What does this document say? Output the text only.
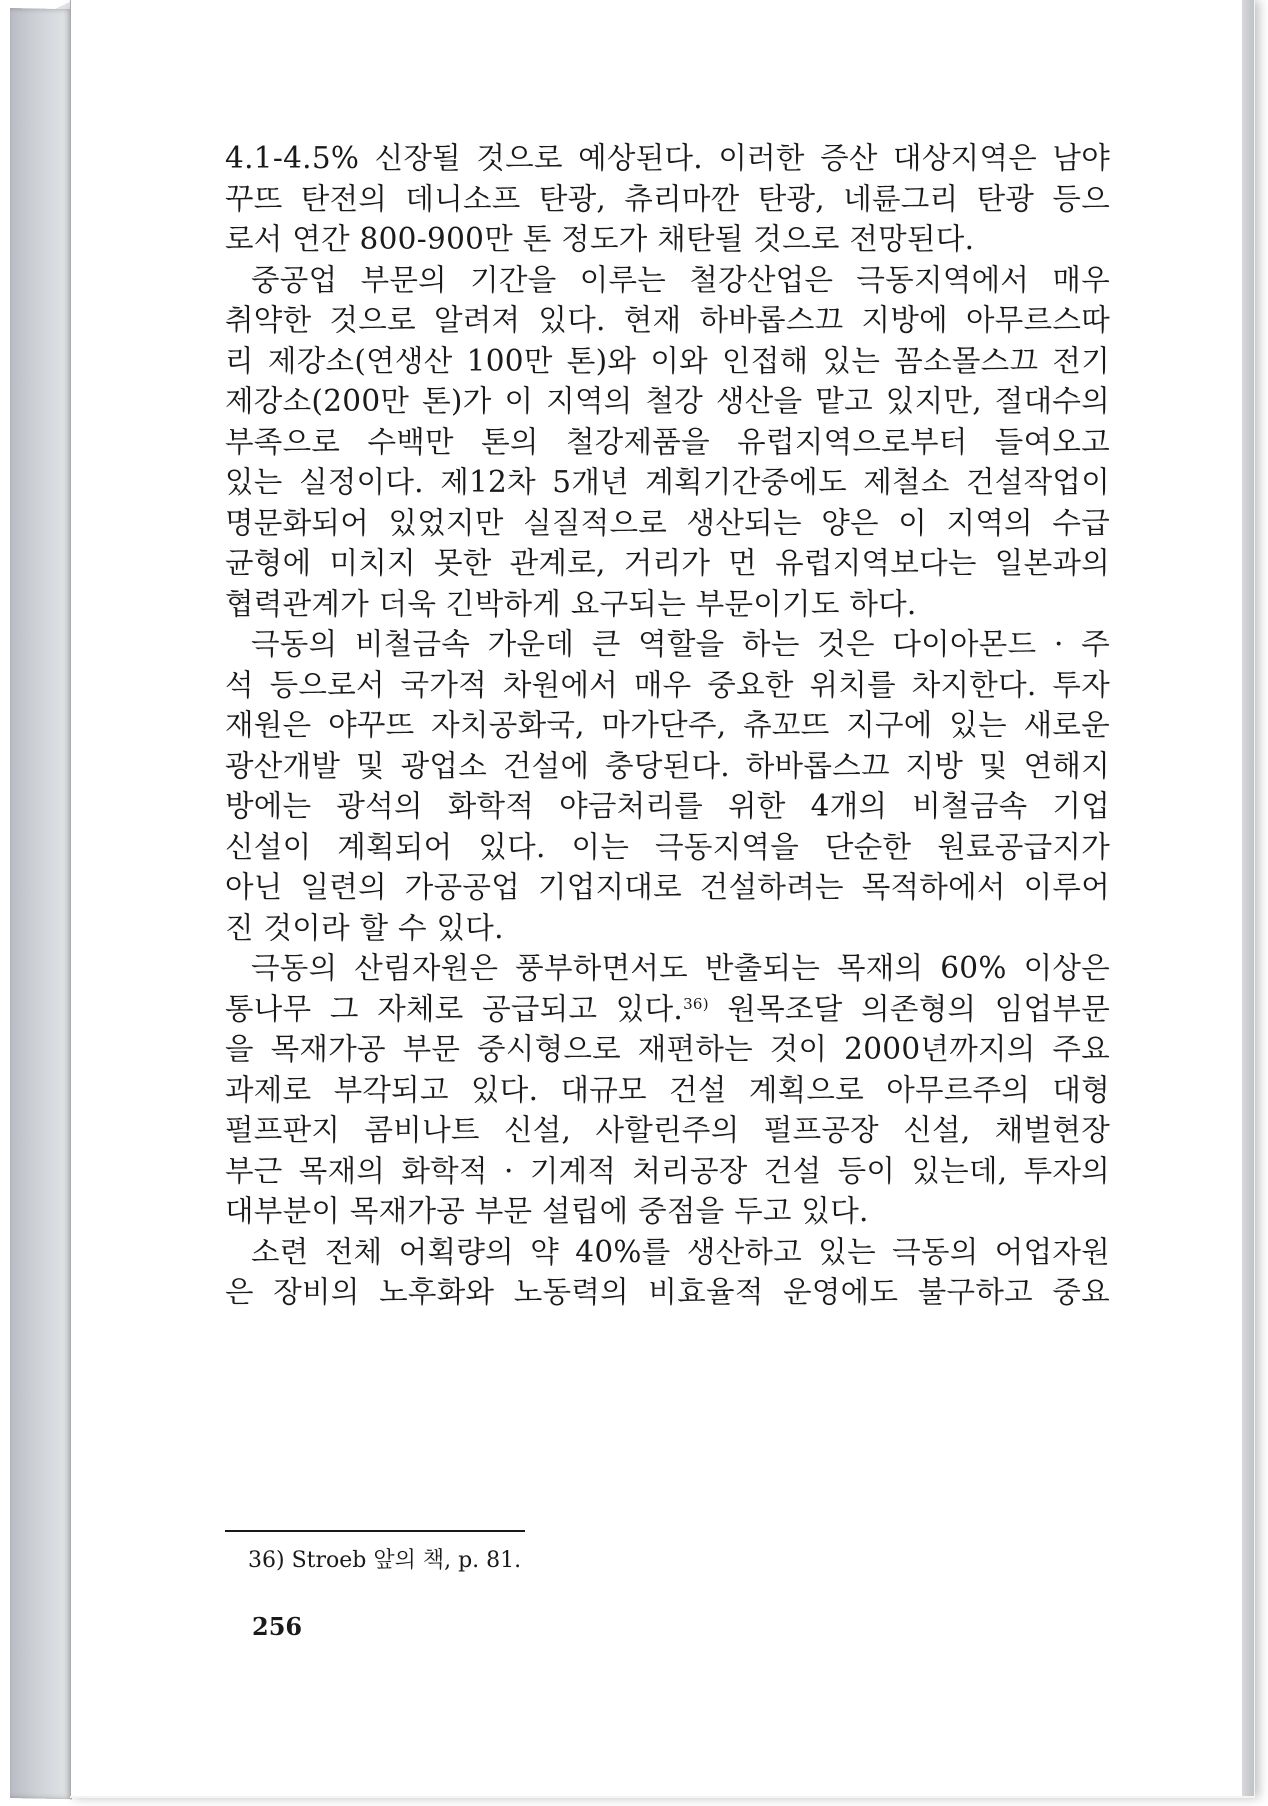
4.1-4.5% 신장될 것으로 예상된다. 이러한 증산 대상지역은 남야
꾸뜨 탄전의 데니소프 탄광, 츄리마깐 탄광, 네륜그리 탄광 등으
로서 연간 800-900만 톤 정도가 채탄될 것으로 전망된다.
중공업 부문의 기간을 이루는 철강산업은 극동지역에서 매우
취약한 것으로 알려져 있다. 현재 하바롭스끄 지방에 아무르스따
리 제강소(연생산 100만 톤)와 이와 인접해 있는 꼼소몰스끄 전기
제강소(200만 톤)가 이 지역의 철강 생산을 맡고 있지만, 절대수의
부족으로 수백만 톤의 철강제품을 유럽지역으로부터 들여오고
있는 실정이다. 제12차 5개년 계획기간중에도 제철소 건설작업이
명문화되어 있었지만 실질적으로 생산되는 양은 이 지역의 수급
균형에 미치지 못한 관계로, 거리가 먼 유럽지역보다는 일본과의
협력관계가 더욱 긴박하게 요구되는 부문이기도 하다.
극동의 비철금속 가운데 큰 역할을 하는 것은 다이아몬드 · 주
석 등으로서 국가적 차원에서 매우 중요한 위치를 차지한다. 투자
재원은 야꾸뜨 자치공화국, 마가단주, 츄꼬뜨 지구에 있는 새로운
광산개발 및 광업소 건설에 충당된다. 하바롭스끄 지방 및 연해지
방에는 광석의 화학적 야금처리를 위한 4개의 비철금속 기업
신설이 계획되어 있다. 이는 극동지역을 단순한 원료공급지가
아닌 일련의 가공공업 기업지대로 건설하려는 목적하에서 이루어
진 것이라 할 수 있다.
극동의 산림자원은 풍부하면서도 반출되는 목재의 60% 이상은
통나무 그 자체로 공급되고 있다.$^{36)}$ 원목조달 의존형의 임업부문
을 목재가공 부문 중시형으로 재편하는 것이 2000년까지의 주요
과제로 부각되고 있다. 대규모 건설 계획으로 아무르주의 대형
펄프판지 콤비나트 신설, 사할린주의 펄프공장 신설, 채벌현장
부근 목재의 화학적 · 기계적 처리공장 건설 등이 있는데, 투자의
대부분이 목재가공 부문 설립에 중점을 두고 있다.
소련 전체 어획량의 약 40%를 생산하고 있는 극동의 어업자원
은 장비의 노후화와 노동력의 비효율적 운영에도 불구하고 중요
36) Stroeb 앞의 책, p. 81.
256
